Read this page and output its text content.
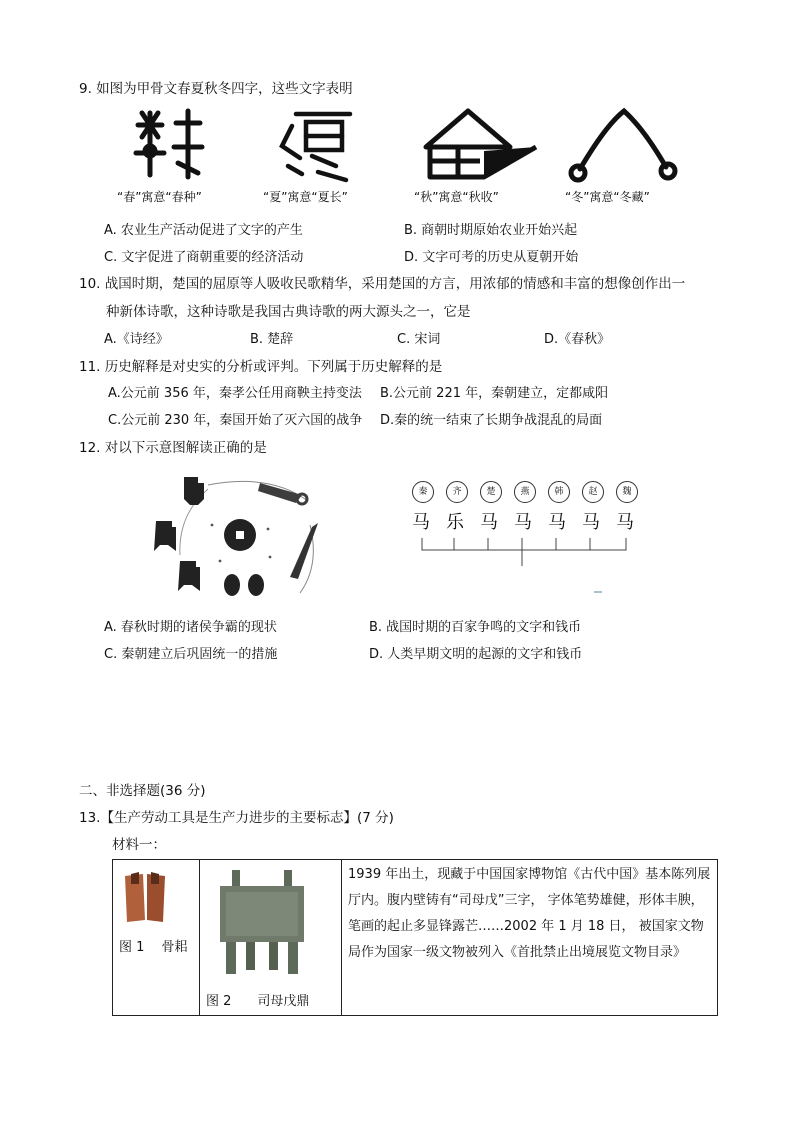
9. 如图为甲骨文春夏秋冬四字，这些文字表明
“春”寓意“春种”	“夏”寓意“夏长”	“秋”寓意“秋收”	“冬”寓意“冬藏”
A. 农业生产活动促进了文字的产生	B. 商朝时期原始农业开始兴起
C. 文字促进了商朝重要的经济活动	D. 文字可考的历史从夏朝开始
10. 战国时期，楚国的屈原等人吸收民歌精华，采用楚国的方言，用浓郁的情感和丰富的想像创作出一
种新体诗歌，这种诗歌是我国古典诗歌的两大源头之一，它是
A.《诗经》	B. 楚辞	C. 宋词	D.《春秋》
11. 历史解释是对史实的分析或评判。下列属于历史解释的是
A.公元前 356 年，秦孝公任用商鞅主持变法 B.公元前 221 年，秦朝建立，定都咸阳
C.公元前 230 年，秦国开始了灭六国的战争 D.秦的统一结束了长期争战混乱的局面
12. 对以下示意图解读正确的是
秦	齐	楚	燕	韩	赵	魏
马 乐 马 马 马 马 马
A. 春秋时期的诸侯争霸的现状	B. 战国时期的百家争鸣的文字和钱币
C. 秦朝建立后巩固统一的措施	D. 人类早期文明的起源的文字和钱币
二、非选择题(36 分)
13.【生产劳动工具是生产力进步的主要标志】(7 分)
材料一：
图 1　 骨耜

图 2　　司母戊鼎

1939 年出土，现藏于中国国家博物馆《古代中国》基本陈列展厅内。腹内壁铸有“司母戊”三字， 字体笔势雄健，形体丰腴， 笔画的起止多显锋露芒……2002 年 1 月 18 日， 被国家文物局作为国家一级文物被列入《首批禁止出境展览文物目录》
